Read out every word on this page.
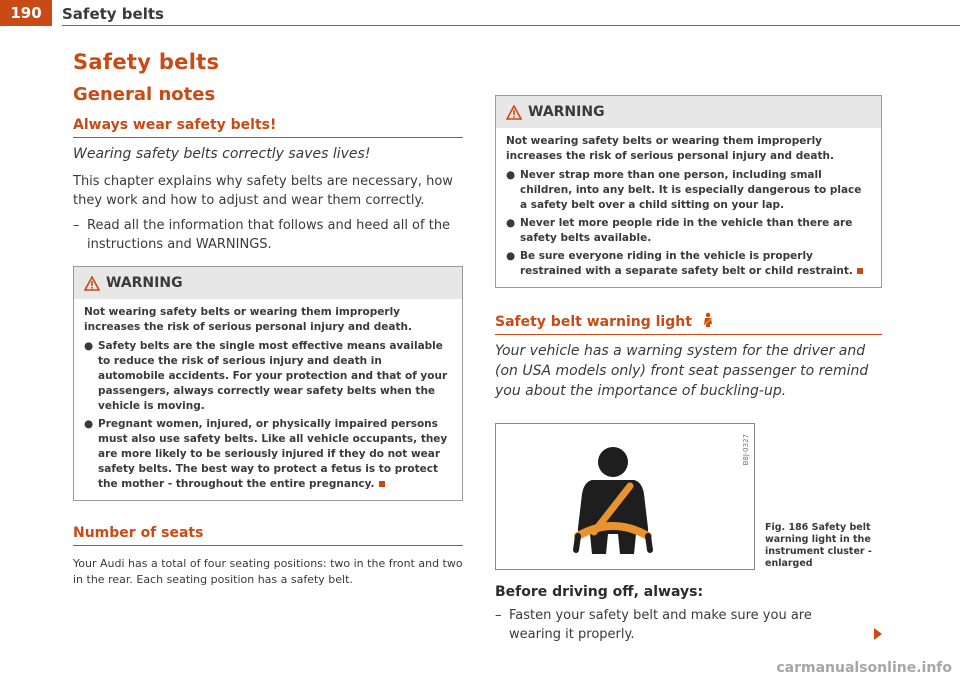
190	Safety belts
Safety belts
General notes
Always wear safety belts!

Wearing safety belts correctly saves lives!

This chapter explains why safety belts are necessary, how they work and how to adjust and wear them correctly.

– Read all the information that follows and heed all of the instructions and WARNINGS.
WARNING

Not wearing safety belts or wearing them improperly increases the risk of serious personal injury and death.

● Safety belts are the single most effective means available to reduce the risk of serious injury and death in automobile accidents. For your protection and that of your passengers, always correctly wear safety belts when the vehicle is moving.
● Pregnant women, injured, or physically impaired persons must also use safety belts. Like all vehicle occupants, they are more likely to be seriously injured if they do not wear safety belts. The best way to protect a fetus is to protect the mother - throughout the entire pregnancy.
Number of seats
Your Audi has a total of four seating positions: two in the front and two in the rear. Each seating position has a safety belt.
WARNING

Not wearing safety belts or wearing them improperly increases the risk of serious personal injury and death.

● Never strap more than one person, including small children, into any belt. It is especially dangerous to place a safety belt over a child sitting on your lap.
● Never let more people ride in the vehicle than there are safety belts available.
● Be sure everyone riding in the vehicle is properly restrained with a separate safety belt or child restraint.
Safety belt warning light

Your vehicle has a warning system for the driver and (on USA models only) front seat passenger to remind you about the importance of buckling-up.

B8J-0327
Fig. 186 Safety belt warning light in the instrument cluster - enlarged
Before driving off, always:
– Fasten your safety belt and make sure you are wearing it properly.
carmanualsonline.info
